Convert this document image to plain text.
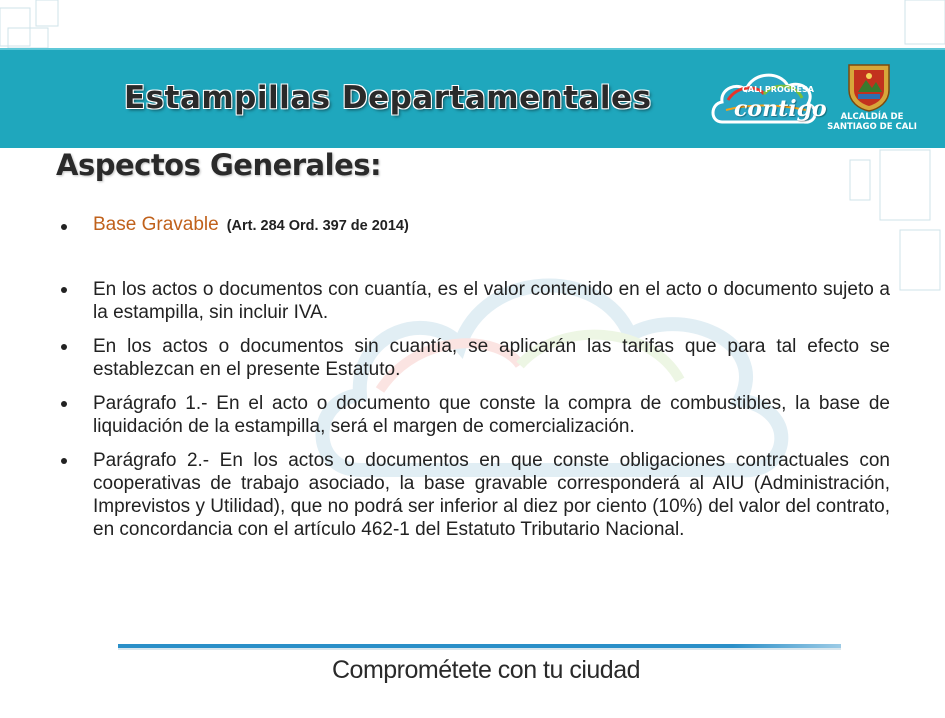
Estampillas Departamentales	CALI PROGRESA
contigo	ALCALDÍA DE
SANTIAGO DE CALI
Aspectos Generales:
Base Gravable (Art. 284 Ord. 397 de 2014)
En los actos o documentos con cuantía, es el valor contenido en el acto o documento sujeto a la estampilla, sin incluir IVA.
En los actos o documentos sin cuantía, se aplicarán las tarifas que para tal efecto se establezcan en el presente Estatuto.
Parágrafo 1.- En el acto o documento que conste la compra de combustibles, la base de liquidación de la estampilla, será el margen de comercialización.
Parágrafo 2.- En los actos o documentos en que conste obligaciones contractuales con cooperativas de trabajo asociado, la base gravable corresponderá al AIU (Administración, Imprevistos y Utilidad), que no podrá ser inferior al diez por ciento (10%) del valor del contrato, en concordancia con el artículo 462-1 del Estatuto Tributario Nacional.
Comprométete con tu ciudad
